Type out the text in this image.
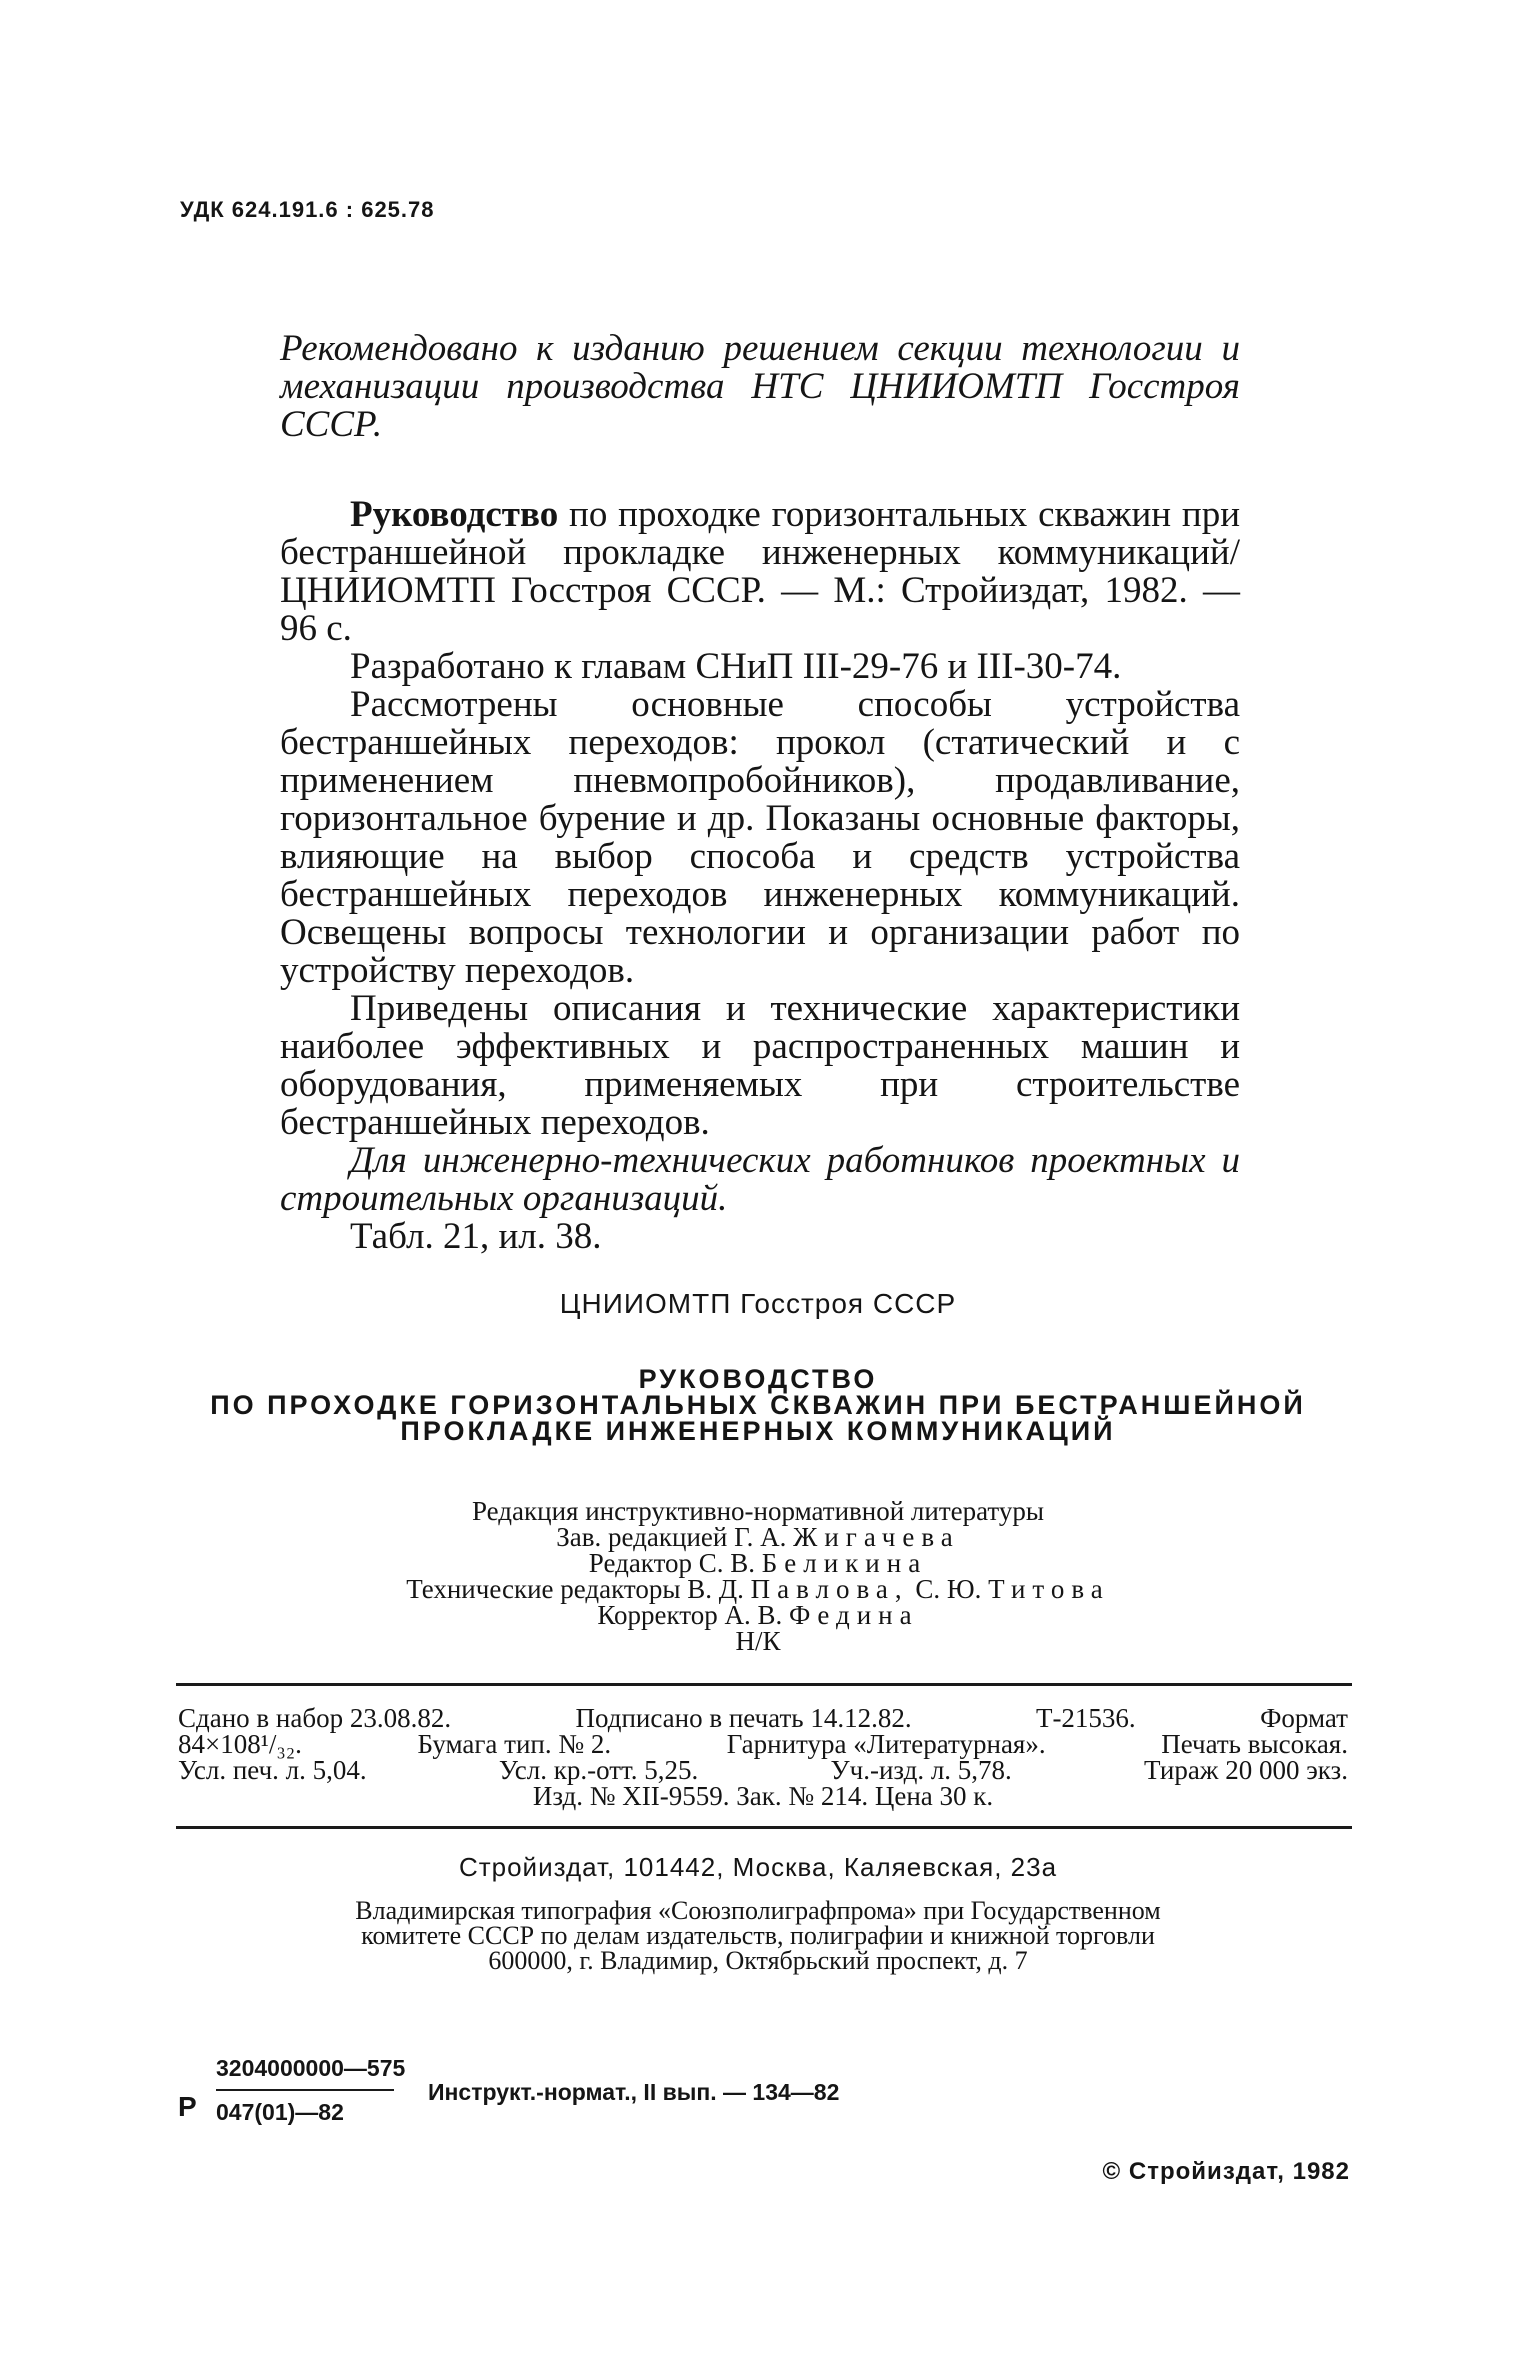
УДК 624.191.6 : 625.78
Рекомендовано к изданию решением секции технологии и механизации производства НТС ЦНИИОМТП Госстроя СССР.

Руководство по проходке горизонтальных скважин при бестраншейной прокладке инженерных коммуникаций/ ЦНИИОМТП Госстроя СССР. — М.: Стройиздат, 1982. — 96 с.

Разработано к главам СНиП III-29-76 и III-30-74.

Рассмотрены основные способы устройства бестраншейных переходов: прокол (статический и с применением пневмопробойников), продавливание, горизонтальное бурение и др. Показаны основные факторы, влияющие на выбор способа и средств устройства бестраншейных переходов инженерных коммуникаций. Освещены вопросы технологии и организации работ по устройству переходов.

Приведены описания и технические характеристики наиболее эффективных и распространенных машин и оборудования, применяемых при строительстве бестраншейных переходов.

Для инженерно-технических работников проектных и строительных организаций.

Табл. 21, ил. 38.

ЦНИИОМТП Госстроя СССР
РУКОВОДСТВО
ПО ПРОХОДКЕ ГОРИЗОНТАЛЬНЫХ СКВАЖИН ПРИ БЕСТРАНШЕЙНОЙ
ПРОКЛАДКЕ ИНЖЕНЕРНЫХ КОММУНИКАЦИЙ
Редакция инструктивно-нормативной литературы
Зав. редакцией Г. А. Жигачева
Редактор С. В. Беликина
Технические редакторы В. Д. Павлова, С. Ю. Титова
Корректор А. В. Федина
Н/К
Сдано в набор 23.08.82.	Подписано в печать 14.12.82.	Т-21536.	Формат
84×108¹/₃₂.	Бумага тип. № 2.	Гарнитура «Литературная».	Печать высокая.
Усл. печ. л. 5,04.	Усл. кр.-отт. 5,25.	Уч.-изд. л. 5,78.	Тираж 20 000 экз.
Изд. № XII-9559. Зак. № 214. Цена 30 к.
Стройиздат, 101442, Москва, Каляевская, 23а
Владимирская типография «Союзполиграфпрома» при Государственном
комитете СССР по делам издательств, полиграфии и книжной торговли
600000, г. Владимир, Октябрьский проспект, д. 7
Р
3204000000—575
047(01)—82
Инструкт.-нормат., II вып. — 134—82
© Стройиздат, 1982
